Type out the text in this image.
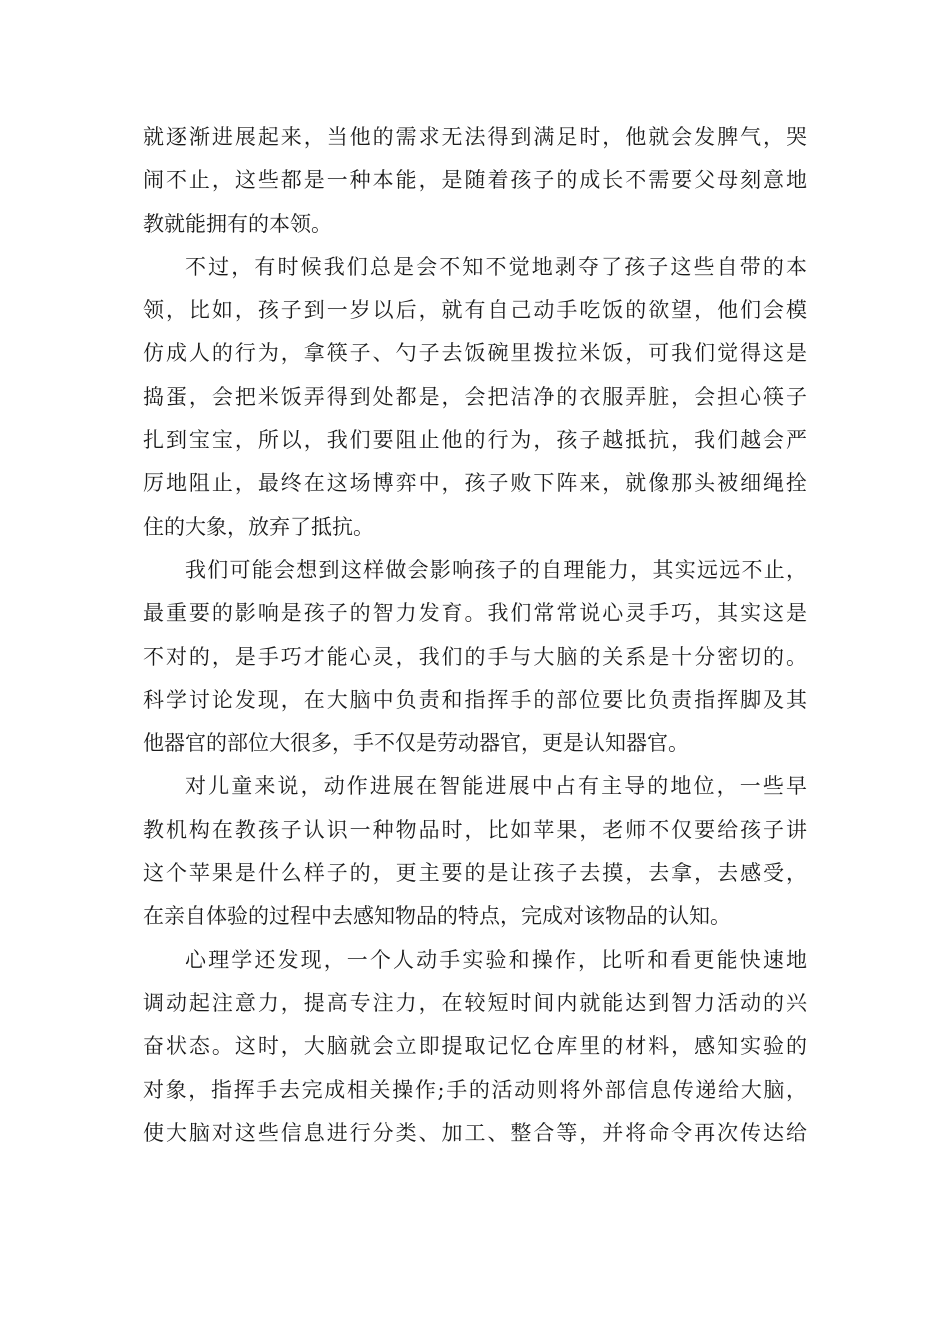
就逐渐进展起来，当他的需求无法得到满足时，他就会发脾气，哭
闹不止，这些都是一种本能，是随着孩子的成长不需要父母刻意地
教就能拥有的本领。

不过，有时候我们总是会不知不觉地剥夺了孩子这些自带的本
领，比如，孩子到一岁以后，就有自己动手吃饭的欲望，他们会模
仿成人的行为，拿筷子、勺子去饭碗里拨拉米饭，可我们觉得这是
捣蛋，会把米饭弄得到处都是，会把洁净的衣服弄脏，会担心筷子
扎到宝宝，所以，我们要阻止他的行为，孩子越抵抗，我们越会严
厉地阻止，最终在这场博弈中，孩子败下阵来，就像那头被细绳拴
住的大象，放弃了抵抗。

我们可能会想到这样做会影响孩子的自理能力，其实远远不止，
最重要的影响是孩子的智力发育。我们常常说心灵手巧，其实这是
不对的，是手巧才能心灵，我们的手与大脑的关系是十分密切的。
科学讨论发现，在大脑中负责和指挥手的部位要比负责指挥脚及其
他器官的部位大很多，手不仅是劳动器官，更是认知器官。

对儿童来说，动作进展在智能进展中占有主导的地位，一些早
教机构在教孩子认识一种物品时，比如苹果，老师不仅要给孩子讲
这个苹果是什么样子的，更主要的是让孩子去摸，去拿，去感受，
在亲自体验的过程中去感知物品的特点，完成对该物品的认知。

心理学还发现，一个人动手实验和操作，比听和看更能快速地
调动起注意力，提高专注力，在较短时间内就能达到智力活动的兴
奋状态。这时，大脑就会立即提取记忆仓库里的材料，感知实验的
对象，指挥手去完成相关操作;手的活动则将外部信息传递给大脑，
使大脑对这些信息进行分类、加工、整合等，并将命令再次传达给
